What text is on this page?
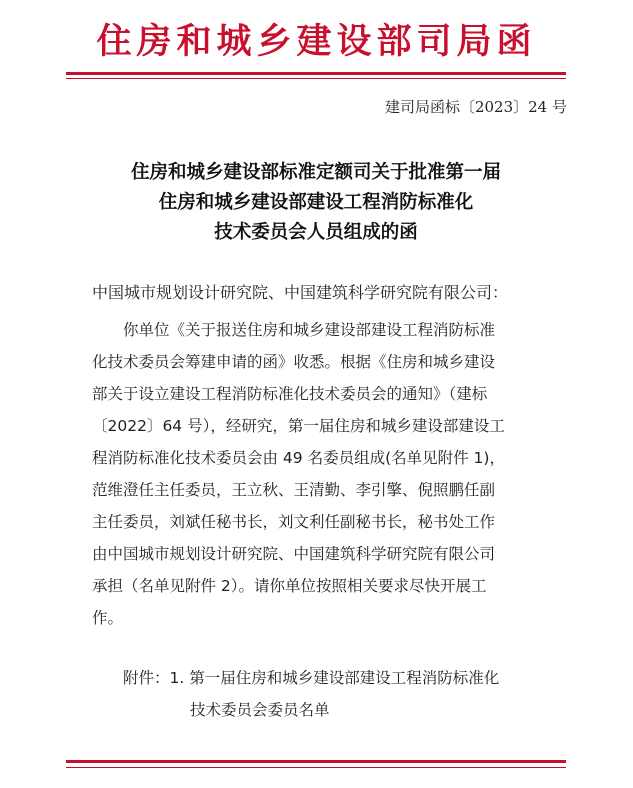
住房和城乡建设部司局函
建司局函标〔2023〕24 号
住房和城乡建设部标准定额司关于批准第一届
住房和城乡建设部建设工程消防标准化
技术委员会人员组成的函
中国城市规划设计研究院、中国建筑科学研究院有限公司：
你单位《关于报送住房和城乡建设部建设工程消防标准
化技术委员会筹建申请的函》收悉。根据《住房和城乡建设
部关于设立建设工程消防标准化技术委员会的通知》（建标
〔2022〕64 号），经研究，第一届住房和城乡建设部建设工
程消防标准化技术委员会由 49 名委员组成(名单见附件 1)，
范维澄任主任委员，王立秋、王清勤、李引擎、倪照鹏任副
主任委员，刘斌任秘书长，刘文利任副秘书长，秘书处工作
由中国城市规划设计研究院、中国建筑科学研究院有限公司
承担（名单见附件 2）。请你单位按照相关要求尽快开展工
作。
附件：1. 第一届住房和城乡建设部建设工程消防标准化
技术委员会委员名单
